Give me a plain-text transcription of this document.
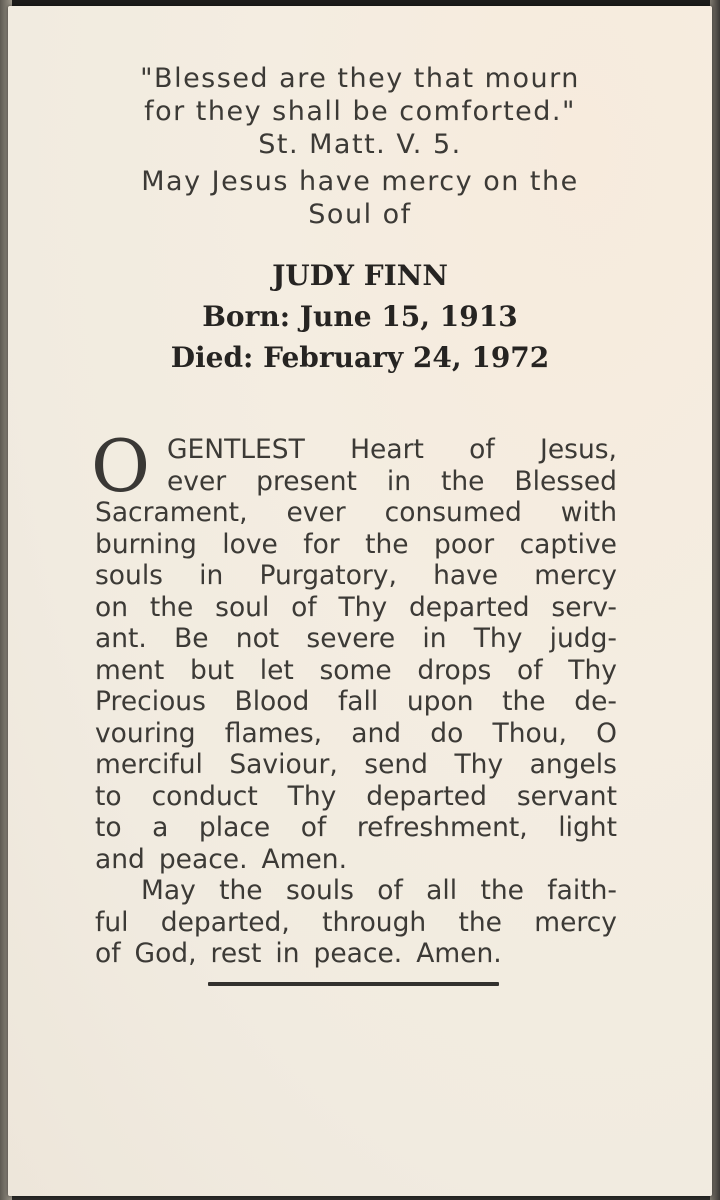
"Blessed are they that mourn
for they shall be comforted."
St. Matt. V. 5.
May Jesus have mercy on the
Soul of
JUDY FINN
Born: June 15, 1913
Died: February 24, 1972
O GENTLEST Heart of Jesus,
ever present in the Blessed
Sacrament, ever consumed with
burning love for the poor captive
souls in Purgatory, have mercy
on the soul of Thy departed serv-
ant. Be not severe in Thy judg-
ment but let some drops of Thy
Precious Blood fall upon the de-
vouring flames, and do Thou, O
merciful Saviour, send Thy angels
to conduct Thy departed servant
to a place of refreshment, light
and peace. Amen.
May the souls of all the faith-
ful departed, through the mercy
of God, rest in peace. Amen.
